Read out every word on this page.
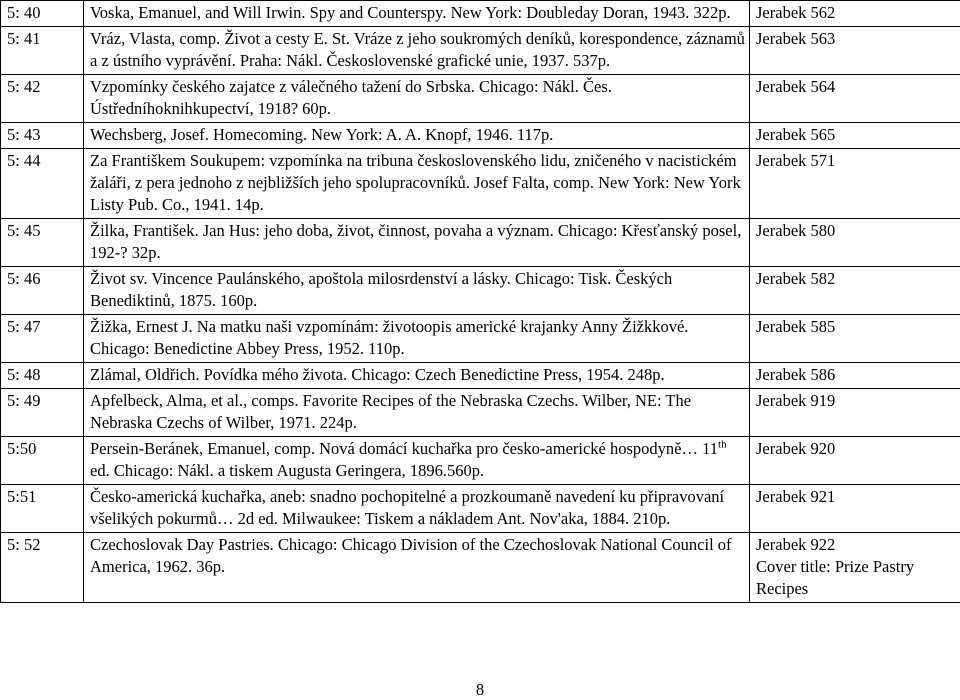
5: 40	Voska, Emanuel, and Will Irwin. Spy and Counterspy. New York: Doubleday Doran, 1943. 322p.	Jerabek 562
5: 41	Vráz, Vlasta, comp. Život a cesty E. St. Vráze z jeho soukromých deníků, korespondence, záznamů a z ústního vyprávění. Praha: Nákl. Československé grafické unie, 1937. 537p.	Jerabek 563
5: 42	Vzpomínky českého zajatce z válečného tažení do Srbska. Chicago: Nákl. Čes. Ústředníhoknihkupectví, 1918? 60p.	Jerabek 564
5: 43	Wechsberg, Josef. Homecoming. New York: A. A. Knopf, 1946. 117p.	Jerabek 565
5: 44	Za Františkem Soukupem: vzpomínka na tribuna československého lidu, zničeného v nacistickém žaláři, z pera jednoho z nejbližších jeho spolupracovníků. Josef Falta, comp. New York: New York Listy Pub. Co., 1941. 14p.	Jerabek 571
5: 45	Žilka, František. Jan Hus: jeho doba, život, činnost, povaha a význam. Chicago: Křesťanský posel, 192-? 32p.	Jerabek 580
5: 46	Život sv. Vincence Paulánského, apoštola milosrdenství a lásky. Chicago: Tisk. Českých Benediktinů, 1875. 160p.	Jerabek 582
5: 47	Žižka, Ernest J. Na matku naši vzpomínám: životoopis americké krajanky Anny Žižkkové. Chicago: Benedictine Abbey Press, 1952. 110p.	Jerabek 585
5: 48	Zlámal, Oldřich. Povídka mého života. Chicago: Czech Benedictine Press, 1954. 248p.	Jerabek 586
5: 49	Apfelbeck, Alma, et al., comps. Favorite Recipes of the Nebraska Czechs. Wilber, NE: The Nebraska Czechs of Wilber, 1971. 224p.	Jerabek 919
5:50	Persein-Beránek, Emanuel, comp. Nová domácí kuchařka pro česko-americké hospodyně… 11th ed. Chicago: Nákl. a tiskem Augusta Geringera, 1896.560p.	Jerabek 920
5:51	Česko-americká kuchařka, aneb: snadno pochopitelné a prozkoumaně navedení ku připravovaní všelikých pokurmů… 2d ed. Milwaukee: Tiskem a nákladem Ant. Nov'aka, 1884. 210p.	Jerabek 921
5: 52	Czechoslovak Day Pastries. Chicago: Chicago Division of the Czechoslovak National Council of America, 1962. 36p.	Jerabek 922
Cover title: Prize Pastry Recipes
8
